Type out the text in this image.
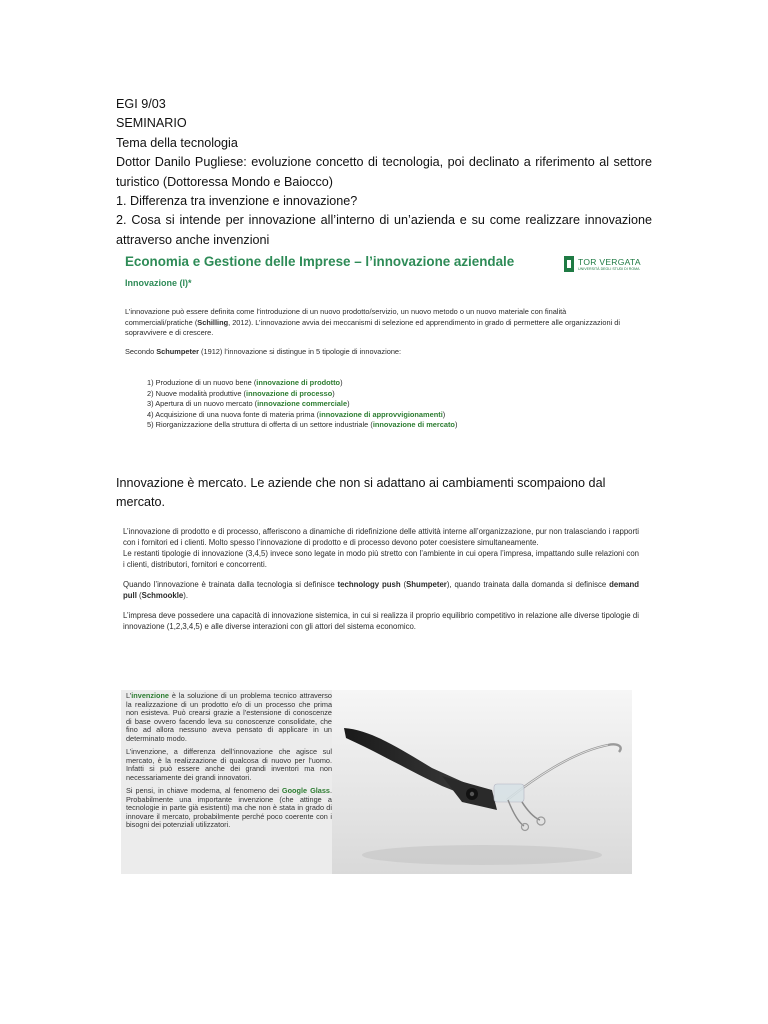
EGI 9/03

SEMINARIO

Tema della tecnologia

Dottor Danilo Pugliese: evoluzione concetto di tecnologia, poi declinato a riferimento al settore turistico (Dottoressa Mondo e Baiocco)

1. Differenza tra invenzione e innovazione?

2. Cosa si intende per innovazione all’interno di un’azienda e su come realizzare innovazione attraverso anche invenzioni

Economia e Gestione delle Imprese – l’innovazione aziendale	TOR VERGATA
UNIVERSITÀ DEGLI STUDI DI ROMA
Innovazione (I)*

L’innovazione può essere definita come l’introduzione di un nuovo prodotto/servizio, un nuovo metodo o un nuovo materiale con finalità commerciali/pratiche (Schilling, 2012). L’innovazione avvia dei meccanismi di selezione ed apprendimento in grado di permettere alle organizzazioni di sopravvivere e di crescere.

Secondo Schumpeter (1912) l’innovazione si distingue in 5 tipologie di innovazione:

1) Produzione di un nuovo bene (innovazione di prodotto)
2) Nuove modalità produttive (innovazione di processo)
3) Apertura di un nuovo mercato (innovazione commerciale)
4) Acquisizione di una nuova fonte di materia prima (innovazione di approvvigionamenti)
5) Riorganizzazione della struttura di offerta di un settore industriale (innovazione di mercato)

Innovazione è mercato. Le aziende che non si adattano ai cambiamenti scompaiono dal mercato.

L’innovazione di prodotto e di processo, afferiscono a dinamiche di ridefinizione delle attività interne all’organizzazione, pur non tralasciando i rapporti con i fornitori ed i clienti. Molto spesso l’innovazione di prodotto e di processo devono poter coesistere simultaneamente.

Le restanti tipologie di innovazione (3,4,5) invece sono legate in modo più stretto con l’ambiente in cui opera l’impresa, impattando sulle relazioni con i clienti, distributori, fornitori e concorrenti.

Quando l’innovazione è trainata dalla tecnologia si definisce technology push (Shumpeter), quando trainata dalla domanda si definisce demand pull (Schmookle).

L’impresa deve possedere una capacità di innovazione sistemica, in cui si realizza il proprio equilibrio competitivo in relazione alle diverse tipologie di innovazione (1,2,3,4,5) e alle diverse interazioni con gli attori del sistema economico.

L’invenzione è la soluzione di un problema tecnico attraverso la realizzazione di un prodotto e/o di un processo che prima non esisteva. Può crearsi grazie a l’estensione di conoscenze di base ovvero facendo leva su conoscenze consolidate, che fino ad allora nessuno aveva pensato di applicare in un determinato modo.

L’invenzione, a differenza dell’innovazione che agisce sul mercato, è la realizzazione di qualcosa di nuovo per l’uomo. Infatti si può essere anche dei grandi inventori ma non necessariamente dei grandi innovatori.

Si pensi, in chiave moderna, al fenomeno dei Google Glass. Probabilmente una importante invenzione (che attinge a tecnologie in parte già esistenti) ma che non è stata in grado di innovare il mercato, probabilmente perché poco coerente con i bisogni dei potenziali utilizzatori.
